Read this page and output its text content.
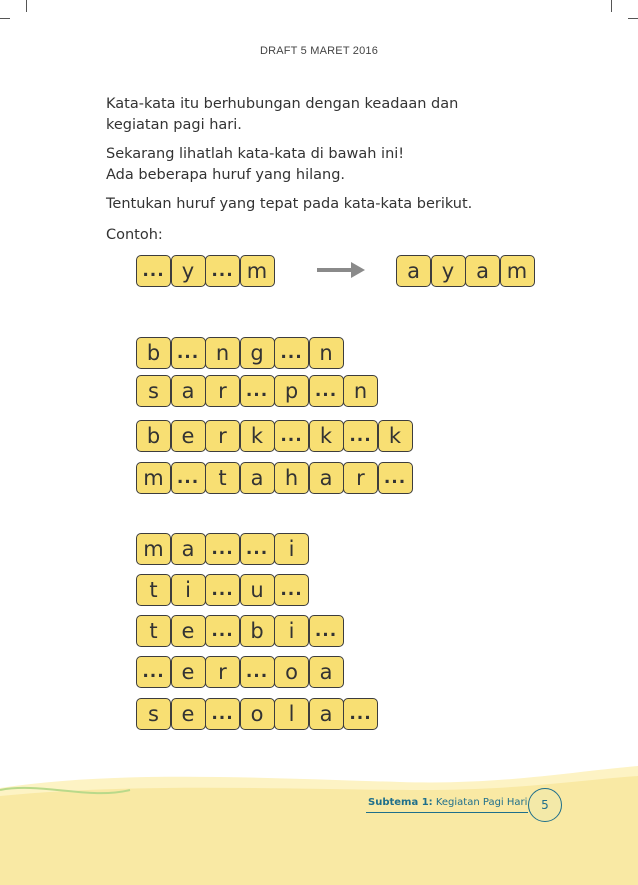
DRAFT 5 MARET 2016

Kata-kata itu berhubungan dengan keadaan dan
kegiatan pagi hari.

Sekarang lihatlah kata-kata di bawah ini!
Ada beberapa huruf yang hilang.

Tentukan huruf yang tepat pada kata-kata berikut.

Contoh:

... y	... m	a	y	a m
b ... n	g ... n
s	a	r	... p ... n
b	e	r	k	... k	... k
m ... t	a	h	a	r	...
m a ... ... i
t	i	... u ...
t	e ... b	i	...
... e	r	... o	a
s	e ... o	l	a ...
Subtema 1: Kegiatan Pagi Hari	5
